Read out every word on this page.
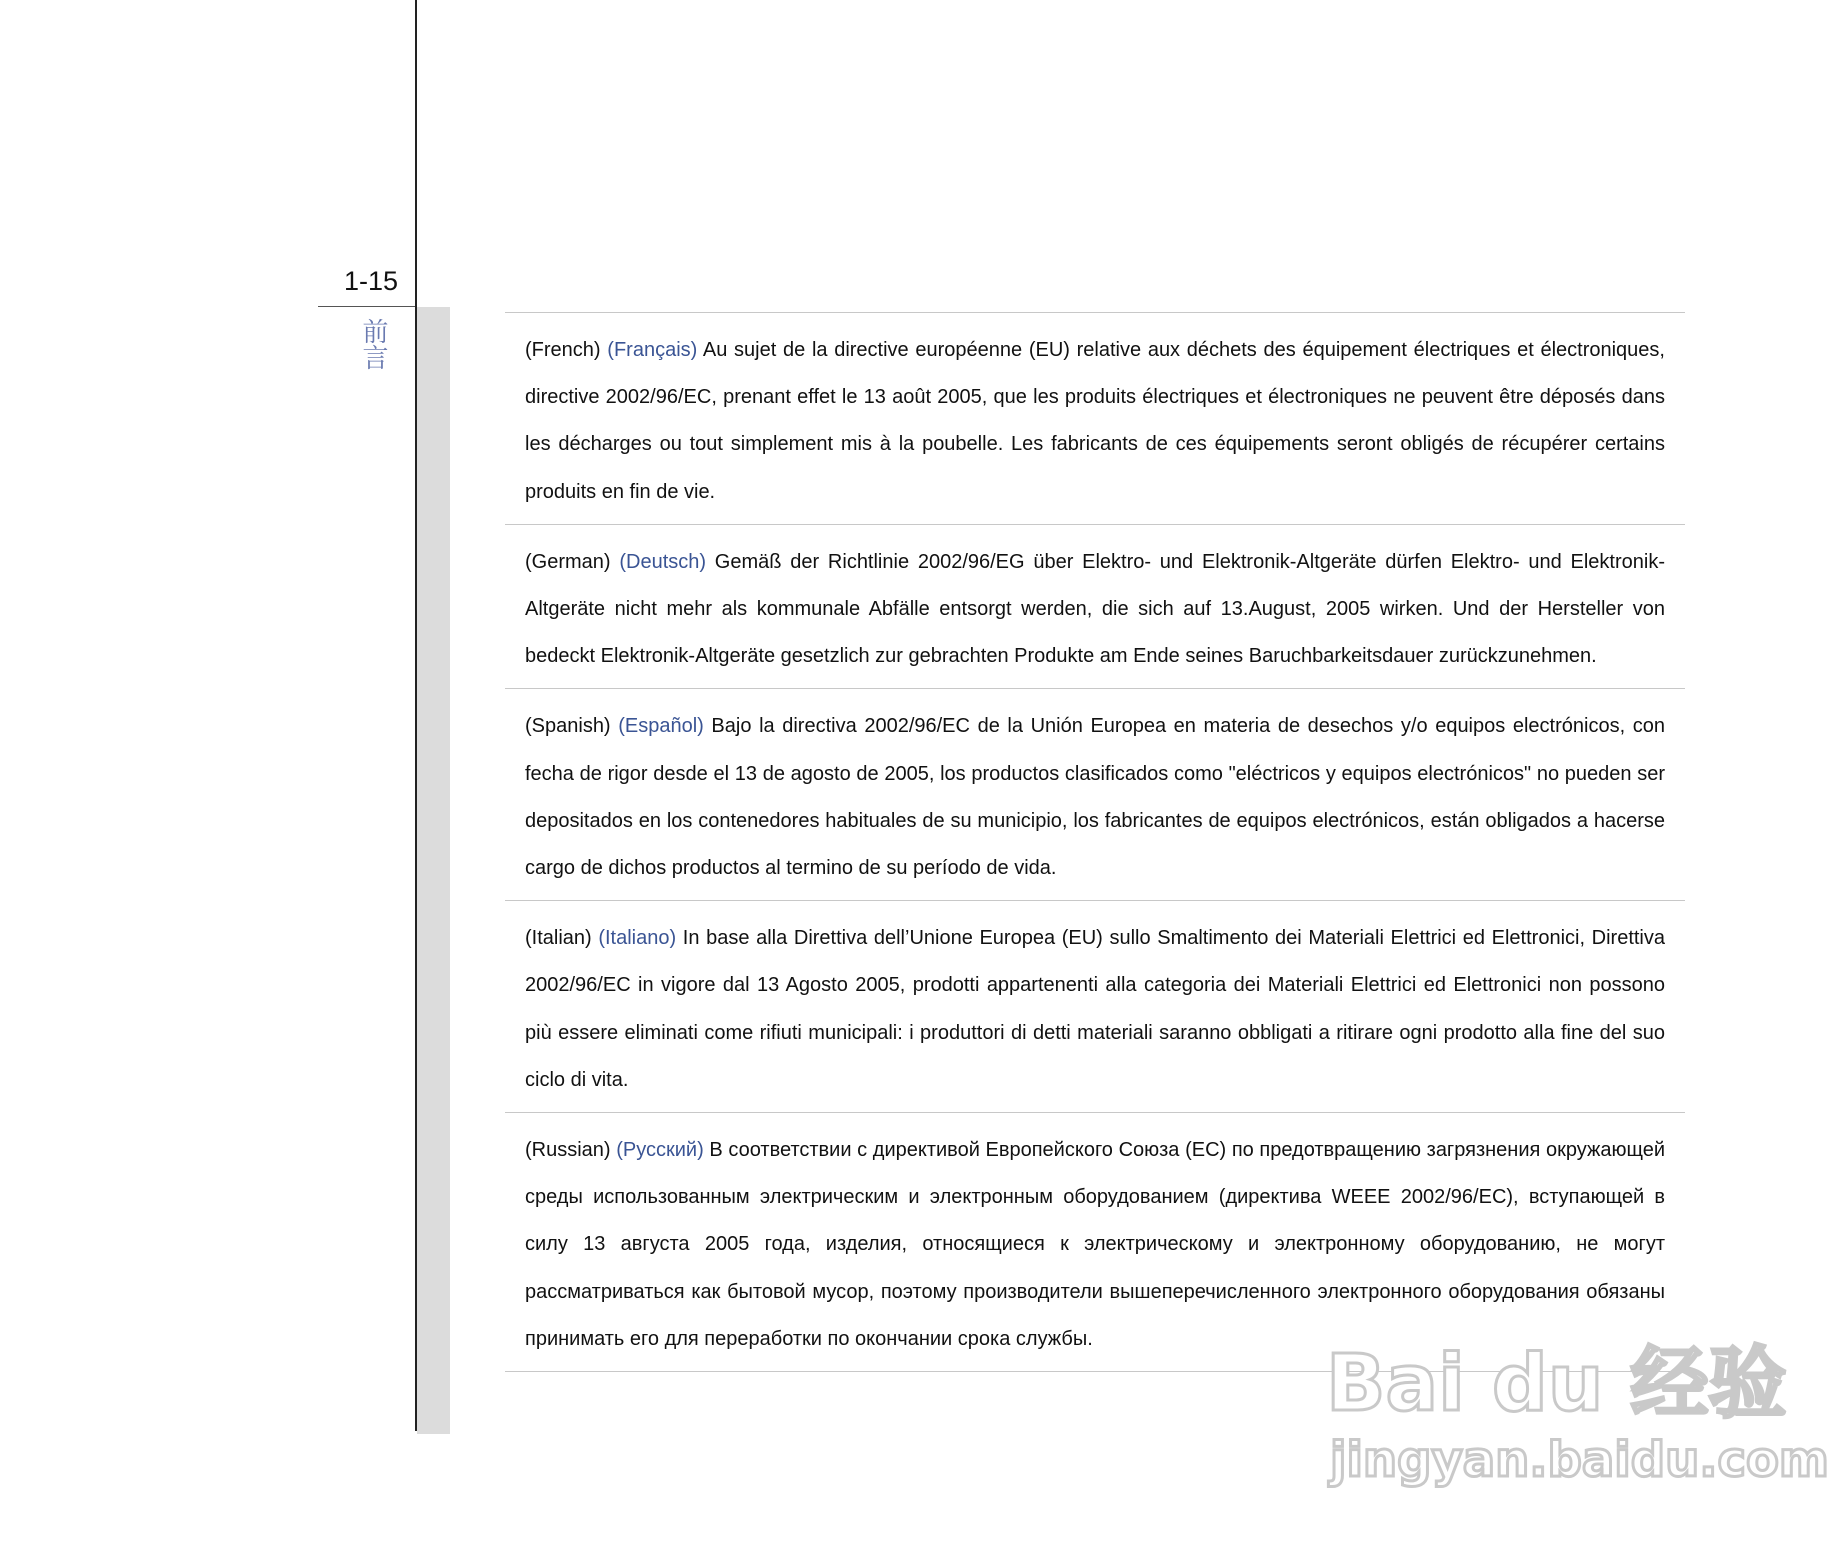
1-15
前言	(French) (Français) Au sujet de la directive européenne (EU) relative aux déchets des équipement électriques et électroniques, directive 2002/96/EC, prenant effet le 13 août 2005, que les produits électriques et électroniques ne peuvent être déposés dans les décharges ou tout simplement mis à la poubelle. Les fabricants de ces équipements seront obligés de récupérer certains produits en fin de vie.
(German) (Deutsch) Gemäß der Richtlinie 2002/96/EG über Elektro- und Elektronik-Altgeräte dürfen Elektro- und Elektronik-Altgeräte nicht mehr als kommunale Abfälle entsorgt werden, die sich auf 13.August, 2005 wirken. Und der Hersteller von bedeckt Elektronik-Altgeräte gesetzlich zur gebrachten Produkte am Ende seines Baruchbarkeitsdauer zurückzunehmen.
(Spanish) (Español) Bajo la directiva 2002/96/EC de la Unión Europea en materia de desechos y/o equipos electrónicos, con fecha de rigor desde el 13 de agosto de 2005, los productos clasificados como "eléctricos y equipos electrónicos" no pueden ser depositados en los contenedores habituales de su municipio, los fabricantes de equipos electrónicos, están obligados a hacerse cargo de dichos productos al termino de su período de vida.
(Italian) (Italiano) In base alla Direttiva dell’Unione Europea (EU) sullo Smaltimento dei Materiali Elettrici ed Elettronici, Direttiva 2002/96/EC in vigore dal 13 Agosto 2005, prodotti appartenenti alla categoria dei Materiali Elettrici ed Elettronici non possono più essere eliminati come rifiuti municipali: i produttori di detti materiali saranno obbligati a ritirare ogni prodotto alla fine del suo ciclo di vita.
(Russian) (Русский) В соответствии с директивой Европейского Союза (ЕС) по предотвращению загрязнения окружающей среды использованным электрическим и электронным оборудованием (директива WEEE 2002/96/EC), вступающей в силу 13 августа 2005 года, изделия, относящиеся к электрическому и электронному оборудованию, не могут рассматриваться как бытовой мусор, поэтому производители вышеперечисленного электронного оборудования обязаны принимать его для переработки по окончании срока службы.
Bai du 经验
jingyan.baidu.com
